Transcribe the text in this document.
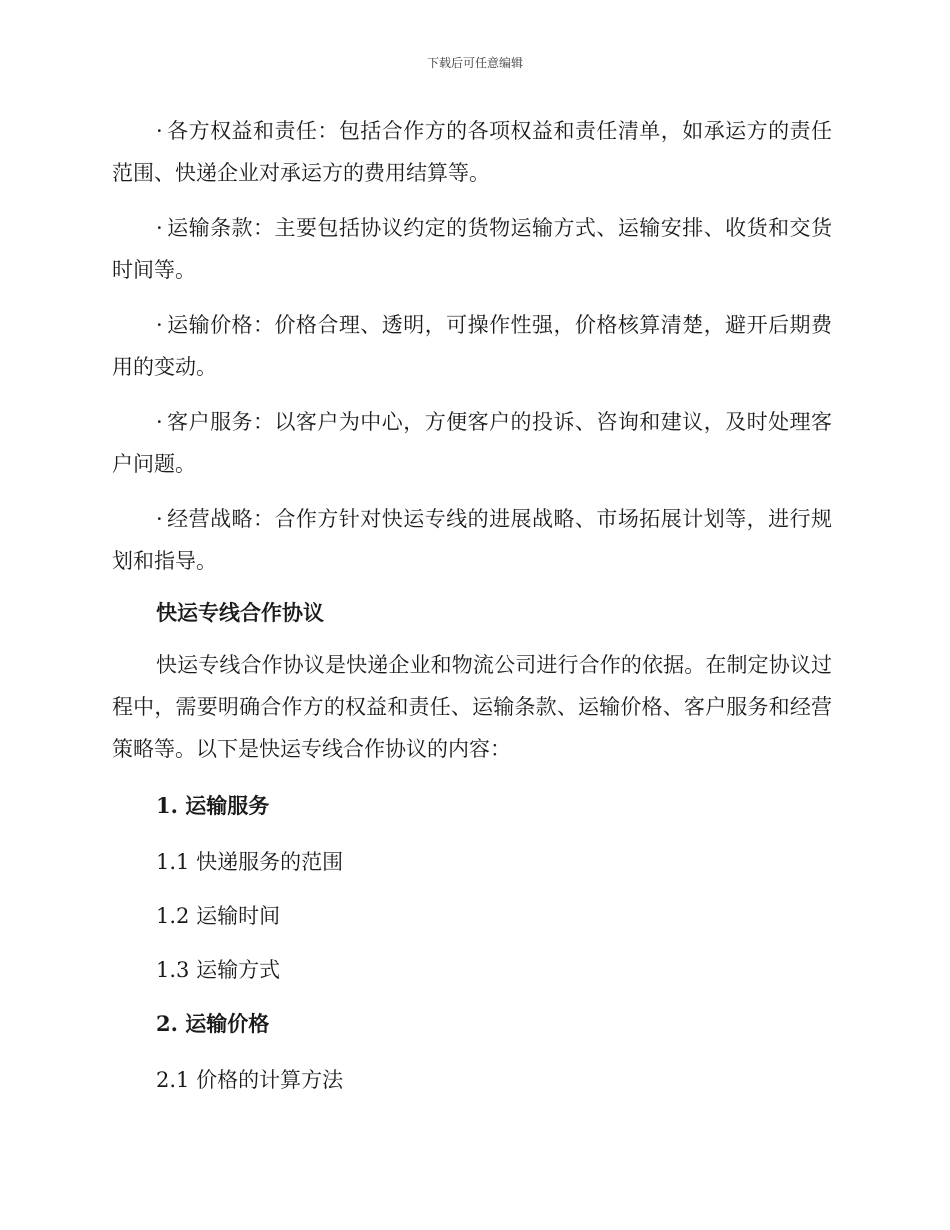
下载后可任意编辑

· 各方权益和责任：包括合作方的各项权益和责任清单，如承运方的责任范围、快递企业对承运方的费用结算等。

· 运输条款：主要包括协议约定的货物运输方式、运输安排、收货和交货时间等。

· 运输价格：价格合理、透明，可操作性强，价格核算清楚，避开后期费用的变动。

· 客户服务：以客户为中心，方便客户的投诉、咨询和建议，及时处理客户问题。

· 经营战略：合作方针对快运专线的进展战略、市场拓展计划等，进行规划和指导。

快运专线合作协议

快运专线合作协议是快递企业和物流公司进行合作的依据。在制定协议过程中，需要明确合作方的权益和责任、运输条款、运输价格、客户服务和经营策略等。以下是快运专线合作协议的内容：

1. 运输服务

1.1 快递服务的范围

1.2 运输时间

1.3 运输方式

2. 运输价格

2.1 价格的计算方法
